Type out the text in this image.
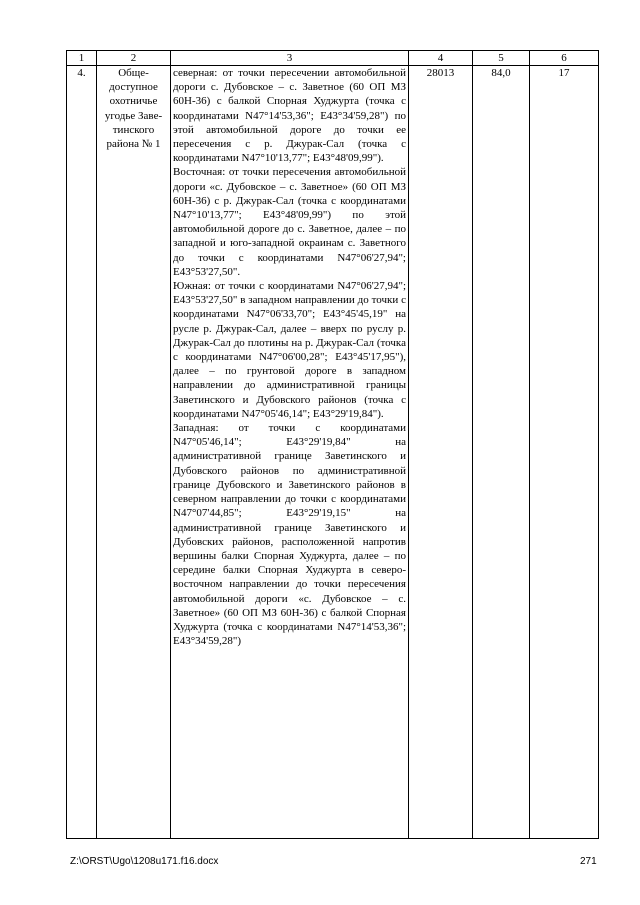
1	2	3	4	5	6
4.	Обще-доступное охотничье угодье Заве-тинского района № 1	северная: от точки пересечении автомобильной дороги с. Дубовское – с. Заветное (60 ОП МЗ 60Н-36) с балкой Спорная Худжурта (точка с координатами N47°14'53,36"; E43°34'59,28") по этой автомобильной дороге до точки ее пересечения с р. Джурак-Сал (точка с координатами N47°10'13,77"; E43°48'09,99").

Восточная: от точки пересечения автомобильной дороги «с. Дубовское – с. Заветное» (60 ОП МЗ 60Н-36) с р. Джурак-Сал (точка с координатами N47°10'13,77"; E43°48'09,99") по этой автомобильной дороге до с. Заветное, далее – по западной и юго-западной окраинам с. Заветного до точки с координатами N47°06'27,94"; E43°53'27,50".

Южная: от точки с координатами N47°06'27,94"; E43°53'27,50" в западном направлении до точки с координатами N47°06'33,70"; E43°45'45,19" на русле р. Джурак-Сал, далее – вверх по руслу р. Джурак-Сал до плотины на р. Джурак-Сал (точка с координатами N47°06'00,28"; E43°45'17,95"), далее – по грунтовой дороге в западном направлении до административной границы Заветинского и Дубовского районов (точка с координатами N47°05'46,14"; E43°29'19,84").

Западная: от точки с координатами N47°05'46,14"; E43°29'19,84" на административной границе Заветинского и Дубовского районов по административной границе Дубовского и Заветинского районов в северном направлении до точки с координатами N47°07'44,85"; E43°29'19,15" на административной границе Заветинского и Дубовских районов, расположенной напротив вершины балки Спорная Худжурта, далее – по середине балки Спорная Худжурта в северо-восточном направлении до точки пересечения автомобильной дороги «с. Дубовское – с. Заветное» (60 ОП МЗ 60Н-36) с балкой Спорная Худжурта (точка с координатами N47°14'53,36"; E43°34'59,28")	28013	84,0	17
Z:\ORST\Ugo\1208u171.f16.docx	271
